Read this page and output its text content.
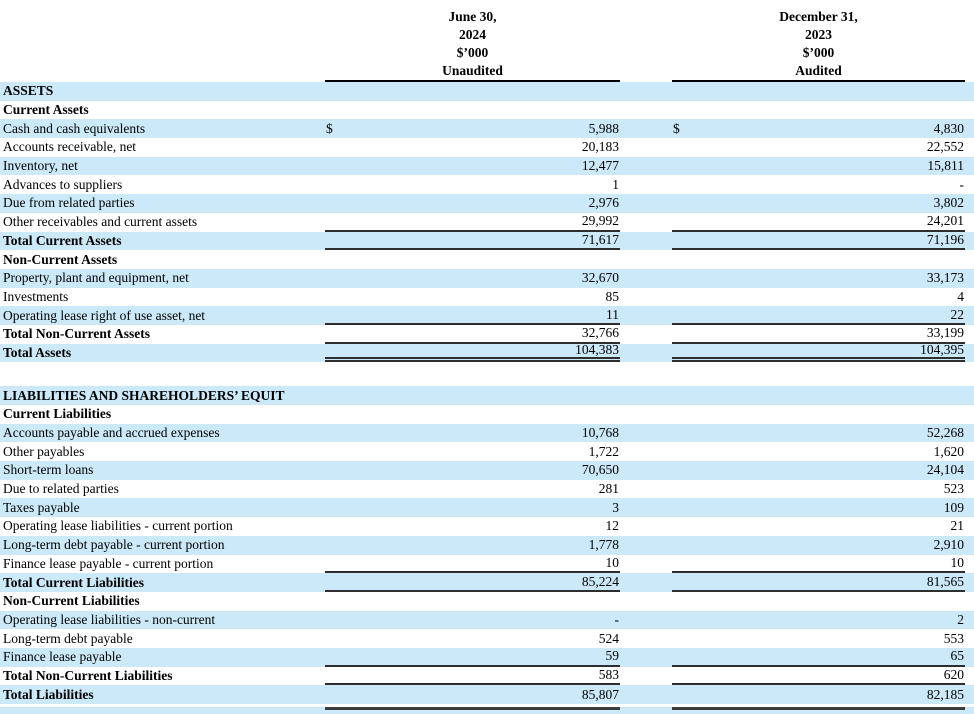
June 30,
2024
$’000
Unaudited
December 31,
2023
$’000
Audited
ASSETS
Current Assets
Cash and cash equivalents	$	5,988	$	4,830
Accounts receivable, net	20,183	22,552
Inventory, net	12,477	15,811
Advances to suppliers	1	-
Due from related parties	2,976	3,802
Other receivables and current assets	29,992	24,201
Total Current Assets	71,617	71,196
Non-Current Assets
Property, plant and equipment, net	32,670	33,173
Investments	85	4
Operating lease right of use asset, net	11	22
Total Non-Current Assets	32,766	33,199
Total Assets	104,383	104,395
LIABILITIES AND SHAREHOLDERS’ EQUIT
Current Liabilities
Accounts payable and accrued expenses	10,768	52,268
Other payables	1,722	1,620
Short-term loans	70,650	24,104
Due to related parties	281	523
Taxes payable	3	109
Operating lease liabilities - current portion	12	21
Long-term debt payable - current portion	1,778	2,910
Finance lease payable - current portion	10	10
Total Current Liabilities	85,224	81,565
Non-Current Liabilities
Operating lease liabilities - non-current	-	2
Long-term debt payable	524	553
Finance lease payable	59	65
Total Non-Current Liabilities	583	620
Total Liabilities	85,807	82,185
